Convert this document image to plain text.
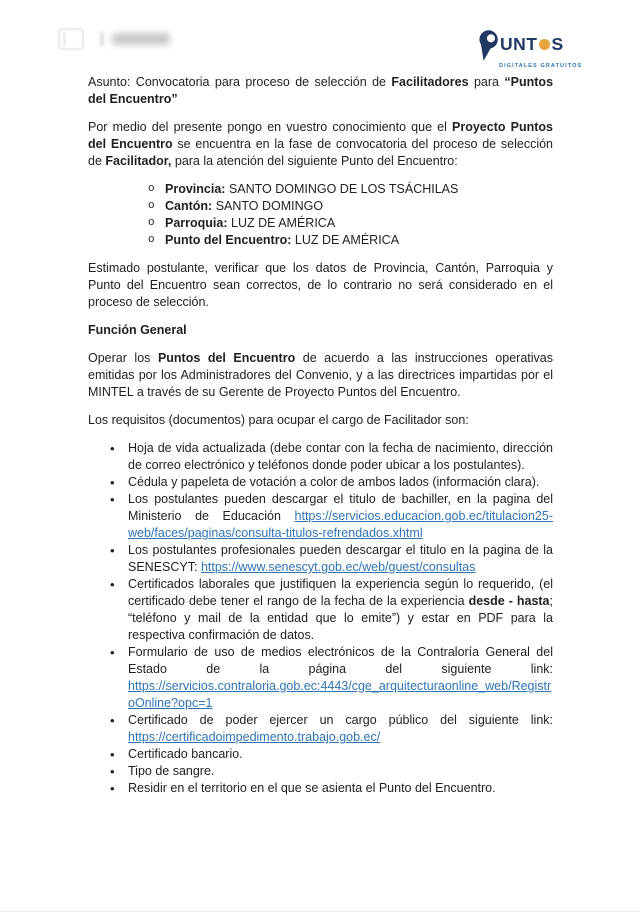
UNT S
DIGITALES GRATUITOS

Asunto: Convocatoria para proceso de selección de Facilitadores para “Puntos del Encuentro”

Por medio del presente pongo en vuestro conocimiento que el Proyecto Puntos del Encuentro se encuentra en la fase de convocatoria del proceso de selección de Facilitador, para la atención del siguiente Punto del Encuentro:

o Provincia: SANTO DOMINGO DE LOS TSÁCHILAS
o Cantón: SANTO DOMINGO
o Parroquia: LUZ DE AMÉRICA
o Punto del Encuentro: LUZ DE AMÉRICA

Estimado postulante, verificar que los datos de Provincia, Cantón, Parroquia y Punto del Encuentro sean correctos, de lo contrario no será considerado en el proceso de selección.

Función General

Operar los Puntos del Encuentro de acuerdo a las instrucciones operativas emitidas por los Administradores del Convenio, y a las directrices impartidas por el MINTEL a través de su Gerente de Proyecto Puntos del Encuentro.

Los requisitos (documentos) para ocupar el cargo de Facilitador son:

• Hoja de vida actualizada (debe contar con la fecha de nacimiento, dirección de correo electrónico y teléfonos donde poder ubicar a los postulantes).
• Cédula y papeleta de votación a color de ambos lados (información clara).
• Los postulantes pueden descargar el titulo de bachiller, en la pagina del Ministerio de Educación https://servicios.educacion.gob.ec/titulacion25-web/faces/paginas/consulta-titulos-refrendados.xhtml
• Los postulantes profesionales pueden descargar el titulo en la pagina de la SENESCYT: https://www.senescyt.gob.ec/web/guest/consultas
• Certificados laborales que justifiquen la experiencia según lo requerido, (el certificado debe tener el rango de la fecha de la experiencia desde - hasta; “teléfono y mail de la entidad que lo emite”) y estar en PDF para la respectiva confirmación de datos.
• Formulario de uso de medios electrónicos de la Contraloría General del Estado de la página del siguiente link: https://servicios.contraloria.gob.ec:4443/cge_arquitecturaonline_web/RegistroOnline?opc=1
• Certificado de poder ejercer un cargo público del siguiente link: https://certificadoimpedimento.trabajo.gob.ec/
• Certificado bancario.
• Tipo de sangre.
• Residir en el territorio en el que se asienta el Punto del Encuentro.
